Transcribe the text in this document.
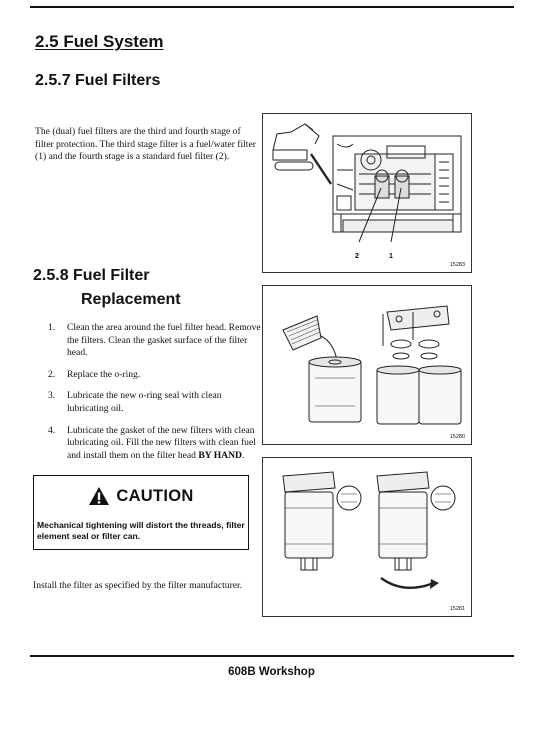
2.5 Fuel System
2.5.7 Fuel Filters

The (dual) fuel filters are the third and fourth stage of filter protection. The third stage filter is a fuel/water filter (1) and the fourth stage is a standard fuel filter (2).

2.5.8 Fuel Filter
Replacement
1. Clean the area around the fuel filter head. Remove the filters. Clean the gasket surface of the filter head.
2. Replace the o-ring.
3. Lubricate the new o-ring seal with clean lubricating oil.
4. Lubricate the gasket of the new filters with clean lubricating oil. Fill the new filters with clean fuel and install them on the filter head BY HAND.
CAUTION

Mechanical tightening will distort the threads, filter element seal or filter can.

Install the filter as specified by the filter manufacturer.

2	1
15283
15280
15281
608B Workshop
